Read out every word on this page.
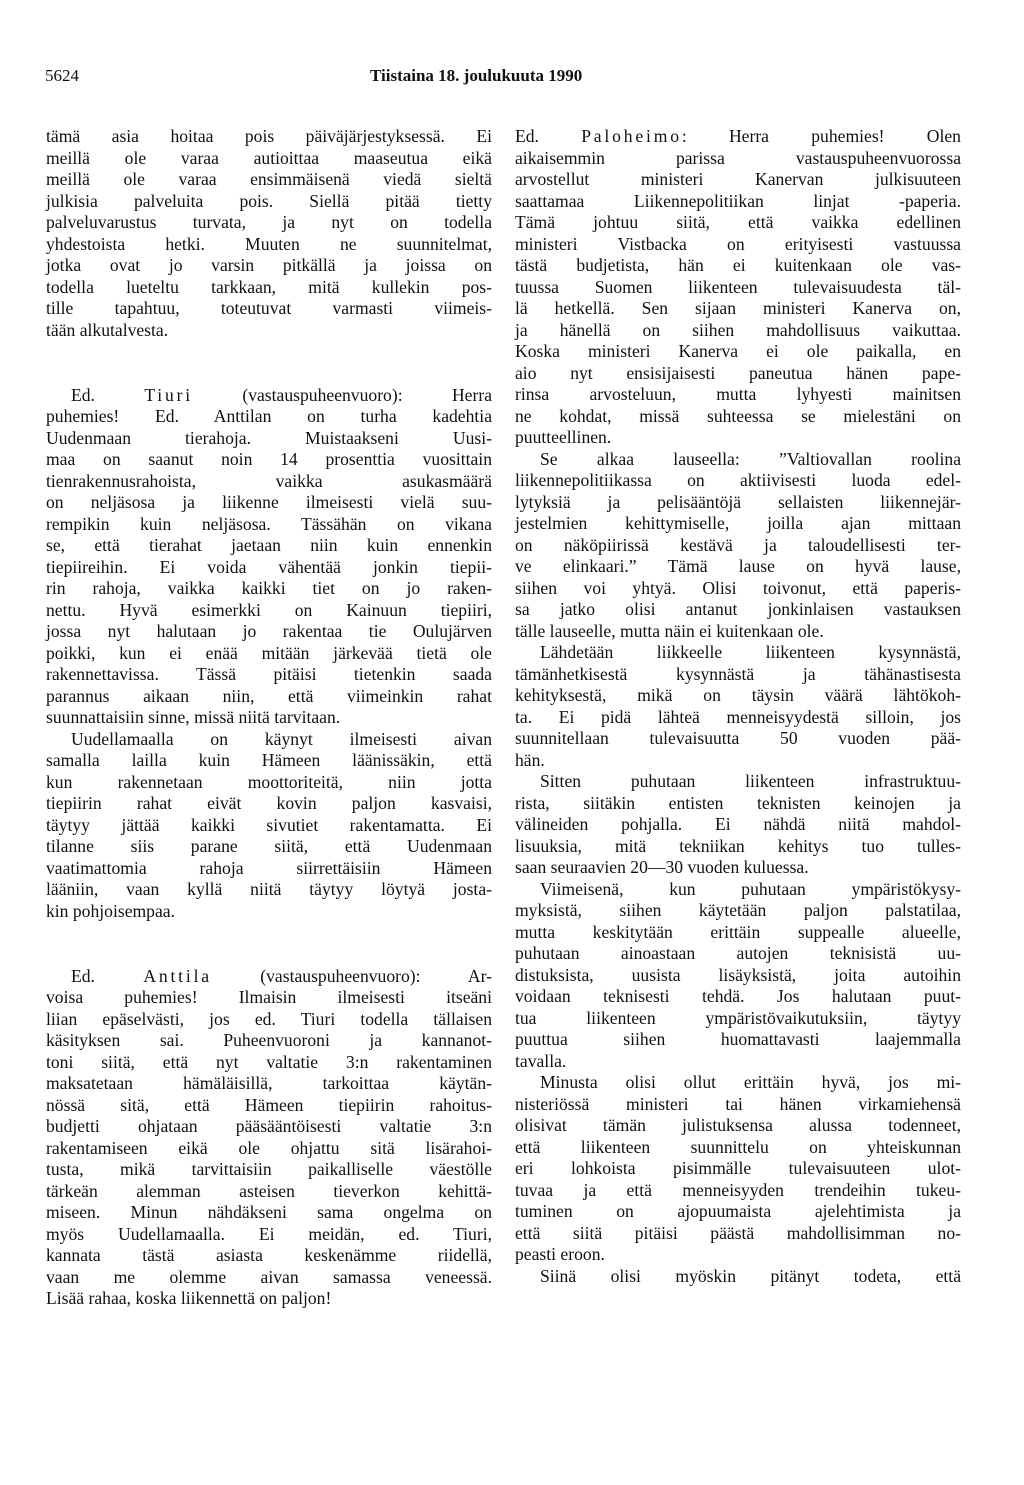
5624	Tiistaina 18. joulukuuta 1990

tämä asia hoitaa pois päiväjärjestyksessä. Ei

meillä ole varaa autioittaa maaseutua eikä

meillä ole varaa ensimmäisenä viedä sieltä

julkisia palveluita pois. Siellä pitää tietty

palveluvarustus turvata, ja nyt on todella

yhdestoista hetki. Muuten ne suunnitelmat,

jotka ovat jo varsin pitkällä ja joissa on

todella lueteltu tarkkaan, mitä kullekin pos-

tille tapahtuu, toteutuvat varmasti viimeis-

tään alkutalvesta.

Ed.	Tiuri	(vastauspuheenvuoro): Herra

puhemies! Ed. Anttilan on turha kadehtia

Uudenmaan tierahoja. Muistaakseni Uusi-

maa on saanut noin 14 prosenttia vuosittain

tienrakennusrahoista, vaikka asukasmäärä

on neljäsosa ja liikenne ilmeisesti vielä suu-

rempikin kuin neljäsosa. Tässähän on vikana

se, että tierahat jaetaan niin kuin ennenkin

tiepiireihin. Ei voida vähentää jonkin tiepii-

rin rahoja, vaikka kaikki tiet on jo raken-

nettu. Hyvä esimerkki on Kainuun tiepiiri,

jossa nyt halutaan jo rakentaa tie Oulujärven

poikki, kun ei enää mitään järkevää tietä ole

rakennettavissa. Tässä pitäisi tietenkin saada

parannus aikaan niin, että viimeinkin rahat

suunnattaisiin sinne, missä niitä tarvitaan.

Uudellamaalla on käynyt ilmeisesti aivan

samalla lailla kuin Hämeen läänissäkin, että

kun rakennetaan moottoriteitä, niin jotta

tiepiirin rahat eivät kovin paljon kasvaisi,

täytyy jättää kaikki sivutiet rakentamatta. Ei

tilanne siis parane siitä, että Uudenmaan

vaatimattomia rahoja siirrettäisiin Hämeen

lääniin, vaan kyllä niitä täytyy löytyä josta-

kin pohjoisempaa.

Ed.	Anttila	(vastauspuheenvuoro): Ar-

voisa puhemies! Ilmaisin ilmeisesti itseäni

liian epäselvästi, jos ed. Tiuri todella tällaisen

käsityksen sai. Puheenvuoroni ja kannanot-

toni siitä, että nyt valtatie 3:n rakentaminen

maksatetaan hämäläisillä, tarkoittaa käytän-

nössä sitä, että Hämeen tiepiirin rahoitus-

budjetti ohjataan pääsääntöisesti valtatie 3:n

rakentamiseen eikä ole ohjattu sitä lisärahoi-

tusta, mikä tarvittaisiin paikalliselle väestölle

tärkeän alemman asteisen tieverkon kehittä-

miseen. Minun nähdäkseni sama ongelma on

myös Uudellamaalla. Ei meidän, ed. Tiuri,

kannata tästä asiasta keskenämme riidellä,

vaan me olemme aivan samassa veneessä.

Lisää rahaa, koska liikennettä on paljon!

Ed. Paloheimo: Herra puhemies! Olen

aikaisemmin parissa vastauspuheenvuorossa

arvostellut ministeri Kanervan julkisuuteen

saattamaa Liikennepolitiikan linjat -paperia.

Tämä johtuu siitä, että vaikka edellinen

ministeri Vistbacka on erityisesti vastuussa

tästä budjetista, hän ei kuitenkaan ole vas-

tuussa Suomen liikenteen tulevaisuudesta täl-

lä hetkellä. Sen sijaan ministeri Kanerva on,

ja hänellä on siihen mahdollisuus vaikuttaa.

Koska ministeri Kanerva ei ole paikalla, en

aio nyt ensisijaisesti paneutua hänen pape-

rinsa arvosteluun, mutta lyhyesti mainitsen

ne kohdat, missä suhteessa se mielestäni on

puutteellinen.

Se alkaa lauseella: ”Valtiovallan roolina

liikennepolitiikassa on aktiivisesti luoda edel-

lytyksiä ja pelisääntöjä sellaisten liikennejär-

jestelmien kehittymiselle, joilla ajan mittaan

on näköpiirissä kestävä ja taloudellisesti ter-

ve elinkaari.” Tämä lause on hyvä lause,

siihen voi yhtyä. Olisi toivonut, että paperis-

sa jatko olisi antanut jonkinlaisen vastauksen

tälle lauseelle, mutta näin ei kuitenkaan ole.

Lähdetään liikkeelle liikenteen kysynnästä,

tämänhetkisestä kysynnästä ja tähänastisesta

kehityksestä, mikä on täysin väärä lähtökoh-

ta. Ei pidä lähteä menneisyydestä silloin, jos

suunnitellaan tulevaisuutta 50 vuoden pää-

hän.

Sitten puhutaan liikenteen infrastruktuu-

rista, siitäkin entisten teknisten keinojen ja

välineiden pohjalla. Ei nähdä niitä mahdol-

lisuuksia, mitä tekniikan kehitys tuo tulles-

saan seuraavien 20—30 vuoden kuluessa.

Viimeisenä, kun puhutaan ympäristökysy-

myksistä, siihen käytetään paljon palstatilaa,

mutta keskitytään erittäin suppealle alueelle,

puhutaan ainoastaan autojen teknisistä uu-

distuksista, uusista lisäyksistä, joita autoihin

voidaan teknisesti tehdä. Jos halutaan puut-

tua liikenteen ympäristövaikutuksiin, täytyy

puuttua siihen huomattavasti laajemmalla

tavalla.

Minusta olisi ollut erittäin hyvä, jos mi-

nisteriössä ministeri tai hänen virkamiehensä

olisivat tämän julistuksensa alussa todenneet,

että liikenteen suunnittelu on yhteiskunnan

eri lohkoista pisimmälle tulevaisuuteen ulot-

tuvaa ja että menneisyyden trendeihin tukeu-

tuminen on ajopuumaista ajelehtimista ja

että siitä pitäisi päästä mahdollisimman no-

peasti eroon.

Siinä olisi myöskin pitänyt todeta, että
